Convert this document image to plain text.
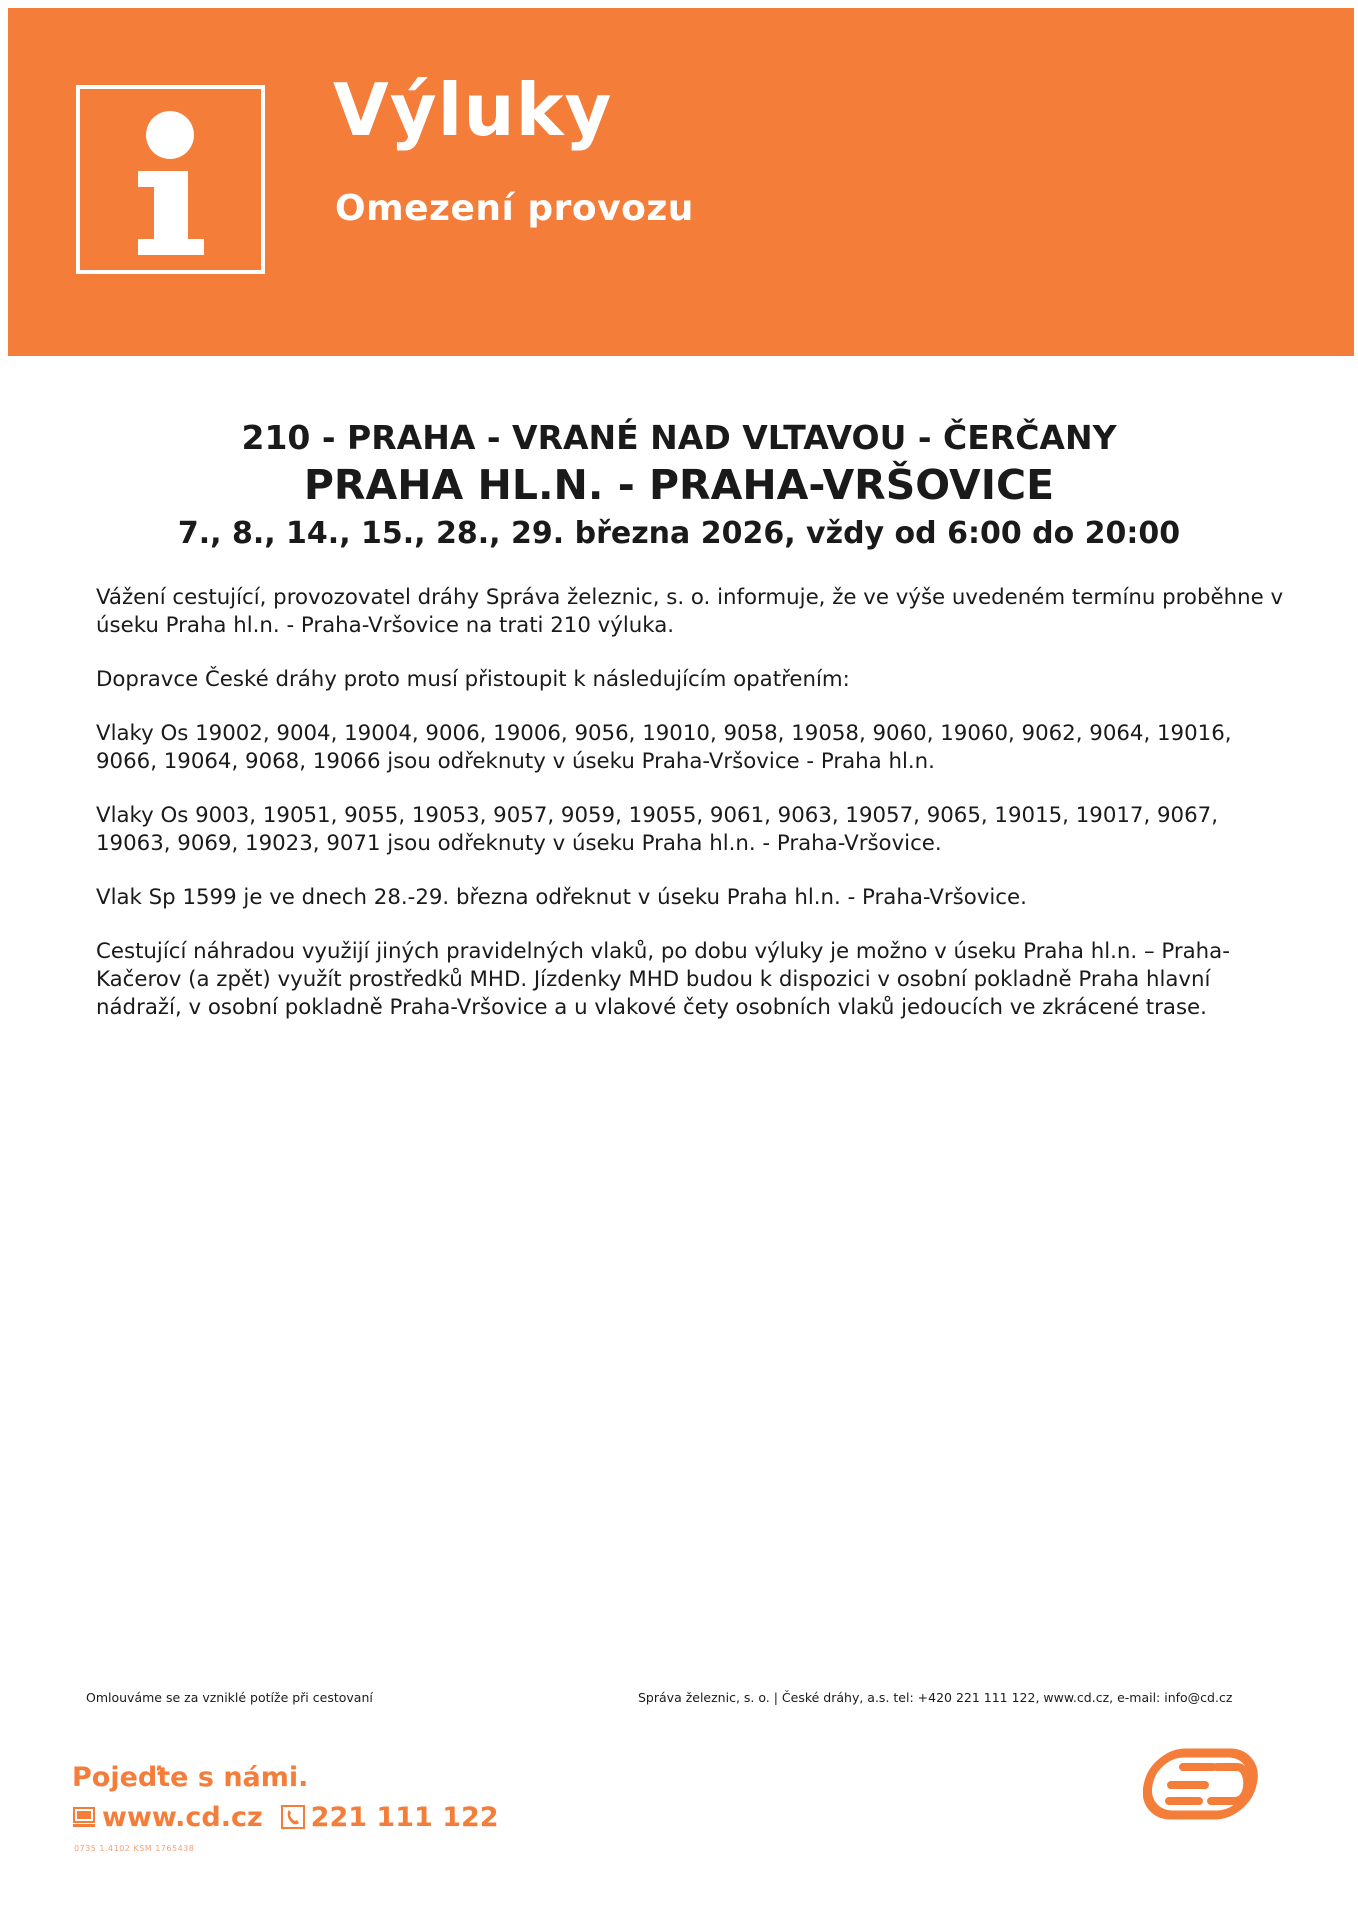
Výluky
Omezení provozu
210 - PRAHA - VRANÉ NAD VLTAVOU - ČERČANY
PRAHA HL.N. - PRAHA-VRŠOVICE
7., 8., 14., 15., 28., 29. března 2026, vždy od 6:00 do 20:00

Vážení cestující, provozovatel dráhy Správa železnic, s. o. informuje, že ve výše uvedeném termínu proběhne v úseku Praha hl.n. - Praha-Vršovice na trati 210 výluka.

Dopravce České dráhy proto musí přistoupit k následujícím opatřením:

Vlaky Os 19002, 9004, 19004, 9006, 19006, 9056, 19010, 9058, 19058, 9060, 19060, 9062, 9064, 19016, 9066, 19064, 9068, 19066 jsou odřeknuty v úseku Praha-Vršovice - Praha hl.n.

Vlaky Os 9003, 19051, 9055, 19053, 9057, 9059, 19055, 9061, 9063, 19057, 9065, 19015, 19017, 9067, 19063, 9069, 19023, 9071 jsou odřeknuty v úseku Praha hl.n. - Praha-Vršovice.

Vlak Sp 1599 je ve dnech 28.-29. března odřeknut v úseku Praha hl.n. - Praha-Vršovice.

Cestující náhradou využijí jiných pravidelných vlaků, po dobu výluky je možno v úseku Praha hl.n. – Praha-Kačerov (a zpět) využít prostředků MHD. Jízdenky MHD budou k dispozici v osobní pokladně Praha hlavní nádraží, v osobní pokladně Praha-Vršovice a u vlakové čety osobních vlaků jedoucích ve zkrácené trase.

Omlouváme se za vzniklé potíže při cestovaní	Správa železnic, s. o. | České dráhy, a.s. tel: +420 221 111 122, www.cd.cz, e-mail: info@cd.cz
Pojeďte s námi.
www.cd.cz 221 111 122
0735 1.4102 KSM 1765438
